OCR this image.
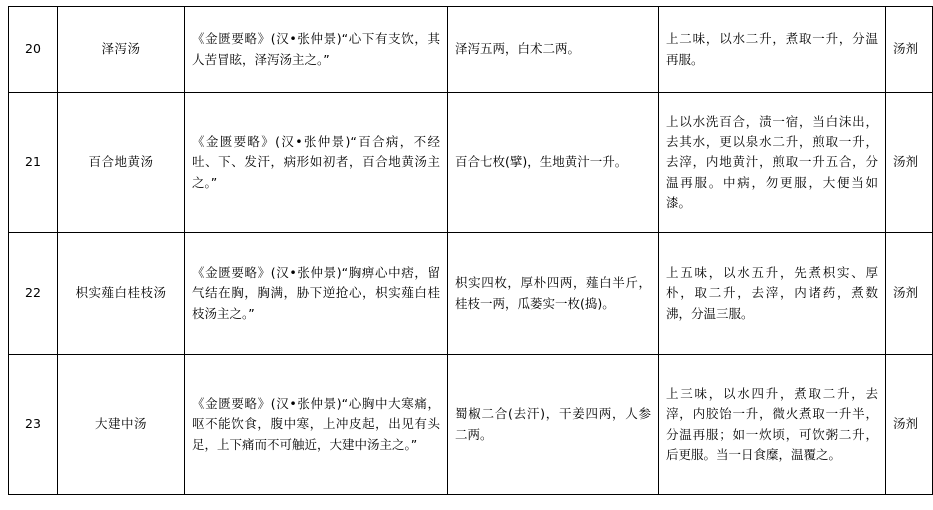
20	泽泻汤	《金匮要略》(汉•张仲景)“心下有支饮，其人苦冒眩，泽泻汤主之。”	泽泻五两，白术二两。	上二味，以水二升，煮取一升，分温再服。	汤剂
21	百合地黄汤	《金匮要略》(汉•张仲景)“百合病，不经吐、下、发汗，病形如初者，百合地黄汤主之。”	百合七枚(擘)，生地黄汁一升。	上以水洗百合，渍一宿，当白沫出，去其水，更以泉水二升，煎取一升，去滓，内地黄汁，煎取一升五合，分温再服。中病，勿更服，大便当如漆。	汤剂
22	枳实薤白桂枝汤	《金匮要略》(汉•张仲景)“胸痹心中痞，留气结在胸，胸满，胁下逆抢心，枳实薤白桂枝汤主之。”	枳实四枚，厚朴四两，薤白半斤，桂枝一两，瓜蒌实一枚(捣)。	上五味，以水五升，先煮枳实、厚朴，取二升，去滓，内诸药，煮数沸，分温三服。	汤剂
23	大建中汤	《金匮要略》(汉•张仲景)“心胸中大寒痛，呕不能饮食，腹中寒，上冲皮起，出见有头足，上下痛而不可触近，大建中汤主之。”	蜀椒二合(去汗)，干姜四两，人参二两。	上三味，以水四升，煮取二升，去滓，内胶饴一升，微火煮取一升半，分温再服；如一炊顷，可饮粥二升，后更服。当一日食糜，温覆之。	汤剂
